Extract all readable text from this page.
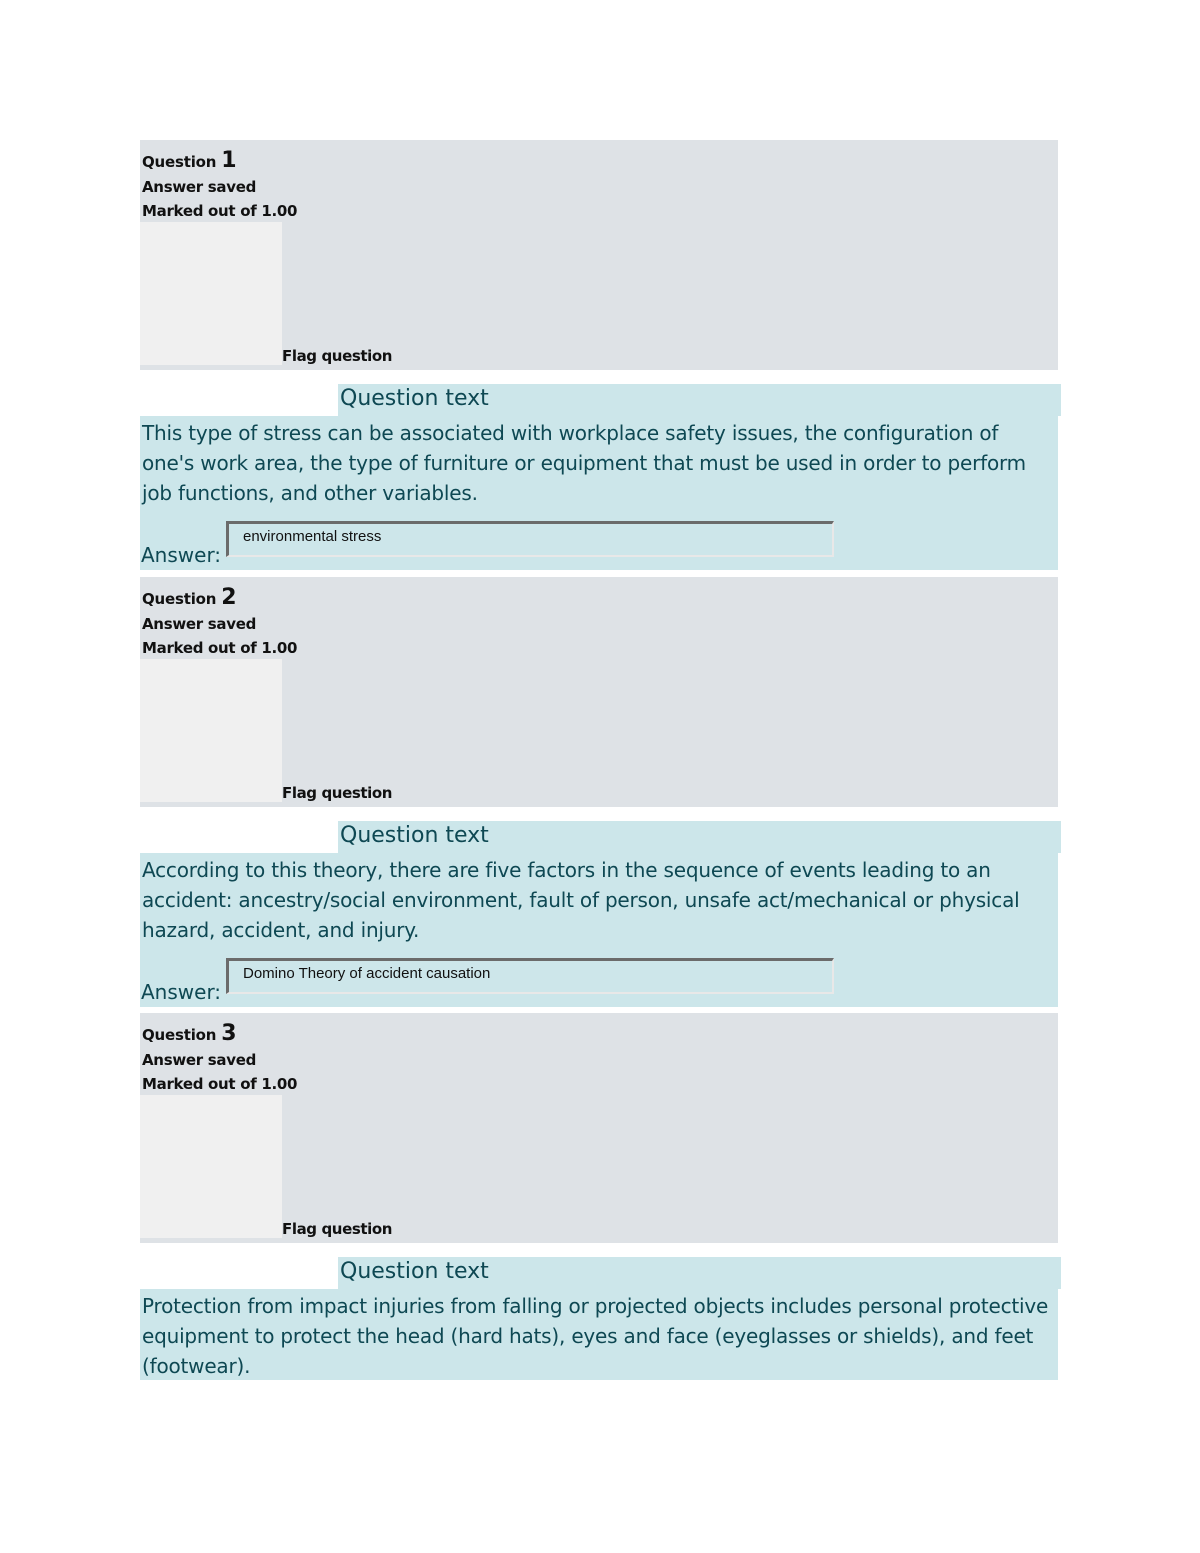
Question 1
Answer saved
Marked out of 1.00
Flag question
Question text
This type of stress can be associated with workplace safety issues, the configuration of one's work area, the type of furniture or equipment that must be used in order to perform job functions, and other variables.
Answer:
environmental stress
Question 2
Answer saved
Marked out of 1.00
Flag question
Question text
According to this theory, there are five factors in the sequence of events leading to an accident: ancestry/social environment, fault of person, unsafe act/mechanical or physical hazard, accident, and injury.
Answer:
Domino Theory of accident causation
Question 3
Answer saved
Marked out of 1.00
Flag question
Question text
Protection from impact injuries from falling or projected objects includes personal protective equipment to protect the head (hard hats), eyes and face (eyeglasses or shields), and feet (footwear).
